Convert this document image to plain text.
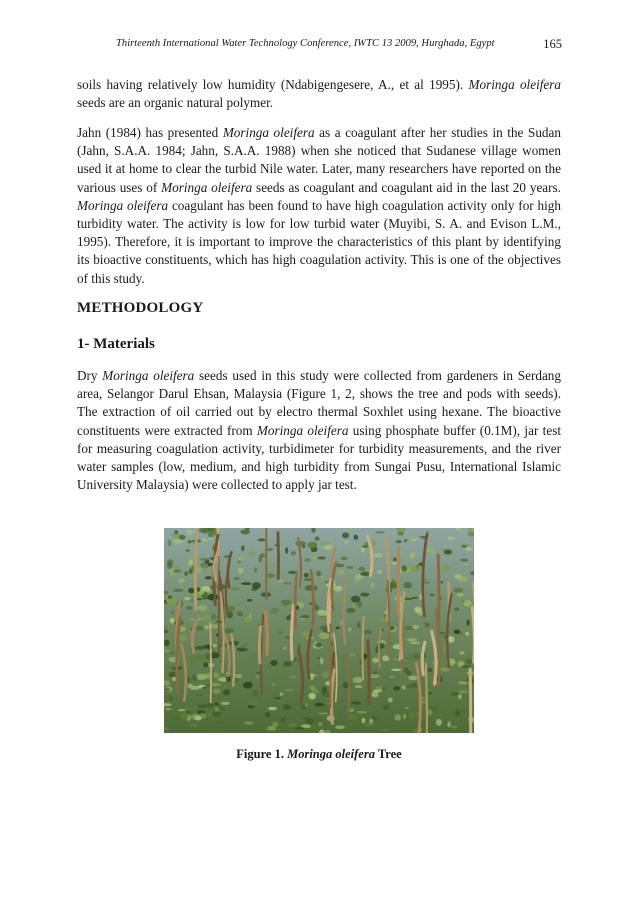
Thirteenth International Water Technology Conference, IWTC 13 2009, Hurghada, Egypt	165
soils having relatively low humidity (Ndabigengesere, A., et al 1995). Moringa oleifera seeds are an organic natural polymer.
Jahn (1984) has presented Moringa oleifera as a coagulant after her studies in the Sudan (Jahn, S.A.A. 1984; Jahn, S.A.A. 1988) when she noticed that Sudanese village women used it at home to clear the turbid Nile water. Later, many researchers have reported on the various uses of Moringa oleifera seeds as coagulant and coagulant aid in the last 20 years. Moringa oleifera coagulant has been found to have high coagulation activity only for high turbidity water. The activity is low for low turbid water (Muyibi, S. A. and Evison L.M., 1995). Therefore, it is important to improve the characteristics of this plant by identifying its bioactive constituents, which has high coagulation activity. This is one of the objectives of this study.
METHODOLOGY
1- Materials
Dry Moringa oleifera seeds used in this study were collected from gardeners in Serdang area, Selangor Darul Ehsan, Malaysia (Figure 1, 2, shows the tree and pods with seeds). The extraction of oil carried out by electro thermal Soxhlet using hexane. The bioactive constituents were extracted from Moringa oleifera using phosphate buffer (0.1M), jar test for measuring coagulation activity, turbidimeter for turbidity measurements, and the river water samples (low, medium, and high turbidity from Sungai Pusu, International Islamic University Malaysia) were collected to apply jar test.
Figure 1. Moringa oleifera Tree
